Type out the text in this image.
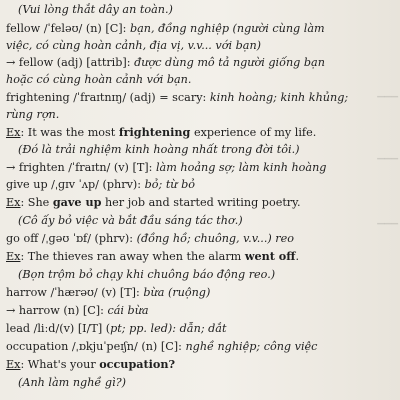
(Vui lòng thắt dây an toàn.)
fellow /ˈfeləʊ/ (n) [C]: bạn, đồng nghiệp (người cùng làm
việc, có cùng hoàn cảnh, địa vị, v.v... với bạn)
→ fellow (adj) [attrib]: được dùng mô tả người giống bạn
hoặc có cùng hoàn cảnh với bạn.
frightening /ˈfraɪtnɪŋ/ (adj) = scary: kinh hoàng; kinh khủng;
rùng rợn.
Ex: It was the most frightening experience of my life.
(Đó là trải nghiệm kinh hoàng nhất trong đời tôi.)
→ frighten /ˈfraɪtn/ (v) [T]: làm hoảng sợ; làm kinh hoàng
give up /ˌɡɪv ˈʌp/ (phrv): bỏ; từ bỏ
Ex: She gave up her job and started writing poetry.
(Cô ấy bỏ việc và bắt đầu sáng tác thơ.)
go off /ˌɡəʊ ˈɒf/ (phrv): (đồng hồ; chuông, v.v...) reo
Ex: The thieves ran away when the alarm went off.
(Bọn trộm bỏ chạy khi chuông báo động reo.)
harrow /ˈhærəʊ/ (v) [T]: bừa (ruộng)
→ harrow (n) [C]: cái bừa
lead /liːd/(v) [I/T] (pt; pp. led): dẫn; dắt
occupation /ˌɒkjuˈpeɪʃn/ (n) [C]: nghề nghiệp; công việc
Ex: What's your occupation?
(Anh làm nghề gì?)
▁▁▁
▁▁▁
▁▁▁
